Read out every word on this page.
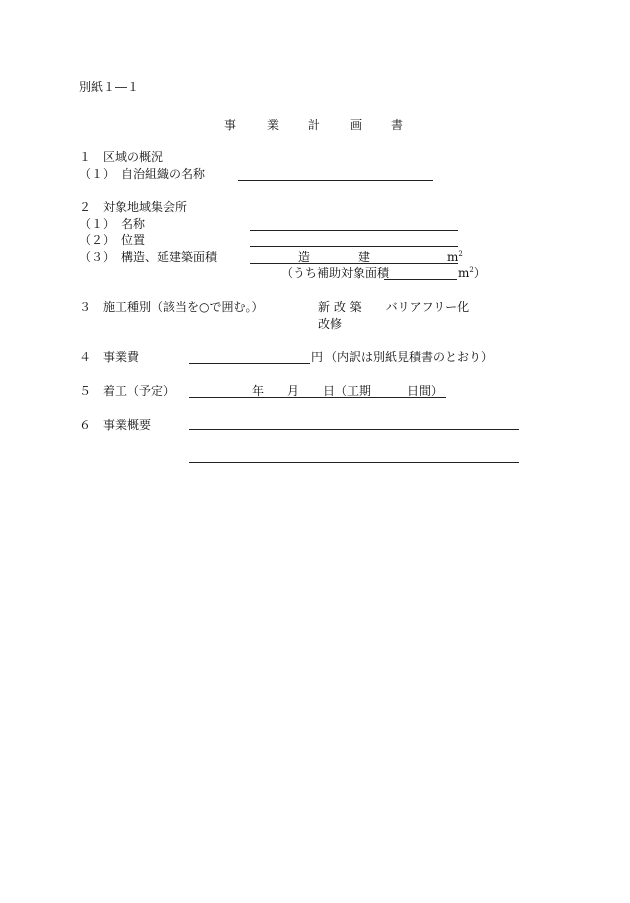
別紙１―１
事	業 計 画 書
１　区域の概況
（１）　自治組織の名称
２　対象地域集会所
（１）　名称
（２）　位置
（３）　構造、延建築面積	造	建	$m^2$
（うち補助対象面積	$m^2$）
３　施工種別（該当を○で囲む。）	新 改 築　　バリアフリー化
改修
４　事業費	円 （内訳は別紙見積書のとおり）
５　着工（予定）	年 月 日（工期	日間）
６　事業概要
